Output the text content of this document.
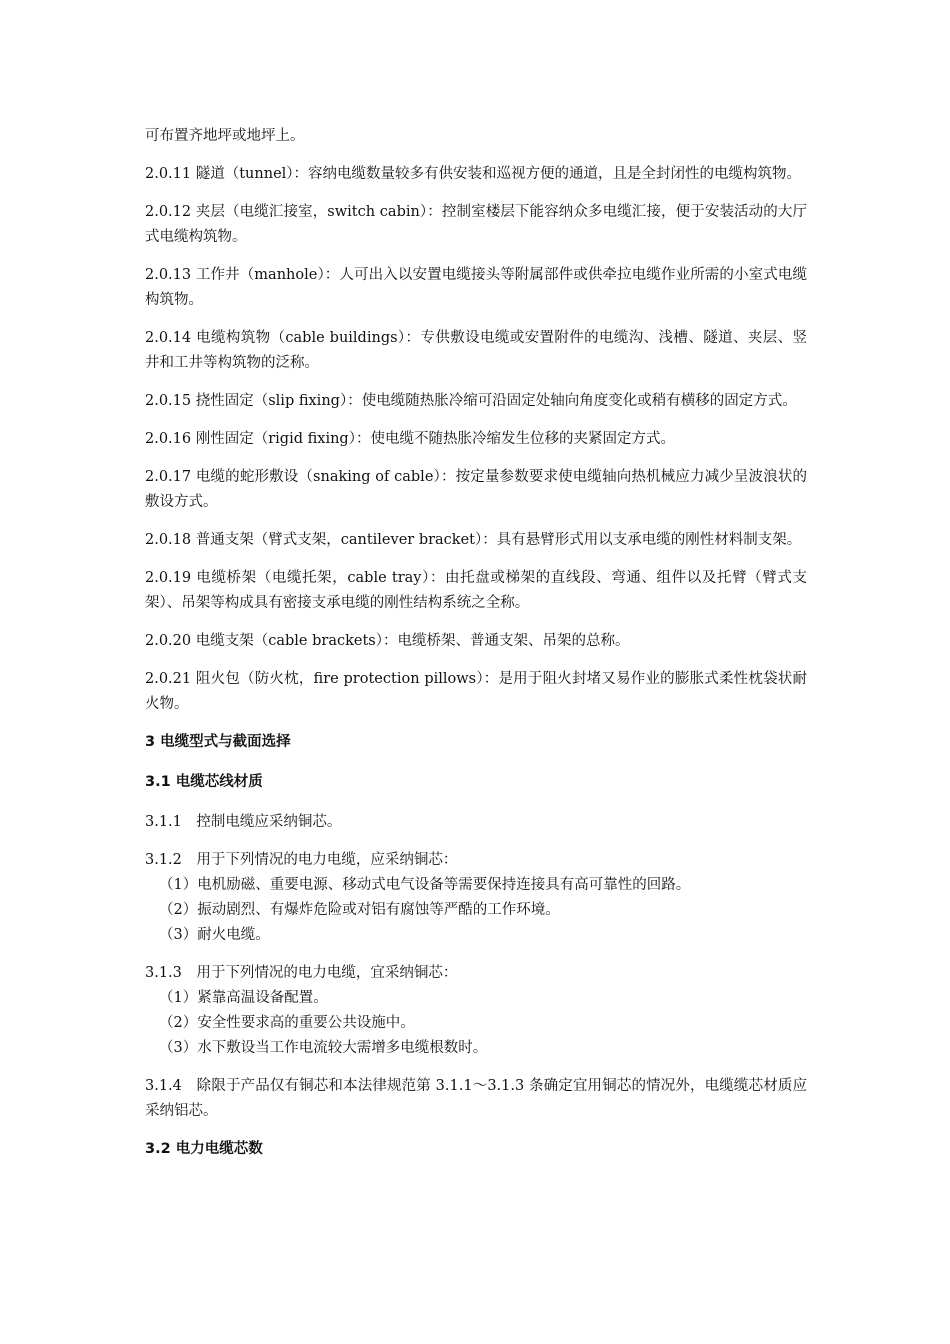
可布置齐地坪或地坪上。

2.0.11 隧道（tunnel）：容纳电缆数量较多有供安装和巡视方便的通道，且是全封闭性的电缆构筑物。

2.0.12 夹层（电缆汇接室，switch cabin）：控制室楼层下能容纳众多电缆汇接，便于安装活动的大厅式电缆构筑物。

2.0.13 工作井（manhole）：人可出入以安置电缆接头等附属部件或供牵拉电缆作业所需的小室式电缆构筑物。

2.0.14 电缆构筑物（cable buildings）：专供敷设电缆或安置附件的电缆沟、浅槽、隧道、夹层、竖井和工井等构筑物的泛称。

2.0.15 挠性固定（slip fixing）：使电缆随热胀冷缩可沿固定处轴向角度变化或稍有横移的固定方式。

2.0.16 刚性固定（rigid fixing）：使电缆不随热胀冷缩发生位移的夹紧固定方式。

2.0.17 电缆的蛇形敷设（snaking of cable）：按定量参数要求使电缆轴向热机械应力减少呈波浪状的敷设方式。

2.0.18 普通支架（臂式支架，cantilever bracket）：具有悬臂形式用以支承电缆的刚性材料制支架。

2.0.19 电缆桥架（电缆托架，cable tray）：由托盘或梯架的直线段、弯通、组件以及托臂（臂式支架）、吊架等构成具有密接支承电缆的刚性结构系统之全称。

2.0.20 电缆支架（cable brackets）：电缆桥架、普通支架、吊架的总称。

2.0.21 阻火包（防火枕，fire protection pillows）：是用于阻火封堵又易作业的膨胀式柔性枕袋状耐火物。

3 电缆型式与截面选择

3.1 电缆芯线材质

3.1.1　控制电缆应采纳铜芯。

3.1.2　用于下列情况的电力电缆，应采纳铜芯：

（1）电机励磁、重要电源、移动式电气设备等需要保持连接具有高可靠性的回路。

（2）振动剧烈、有爆炸危险或对铝有腐蚀等严酷的工作环境。

（3）耐火电缆。

3.1.3　用于下列情况的电力电缆，宜采纳铜芯：

（1）紧靠高温设备配置。

（2）安全性要求高的重要公共设施中。

（3）水下敷设当工作电流较大需增多电缆根数时。

3.1.4　除限于产品仅有铜芯和本法律规范第 3.1.1～3.1.3 条确定宜用铜芯的情况外，电缆缆芯材质应采纳铝芯。

3.2 电力电缆芯数
